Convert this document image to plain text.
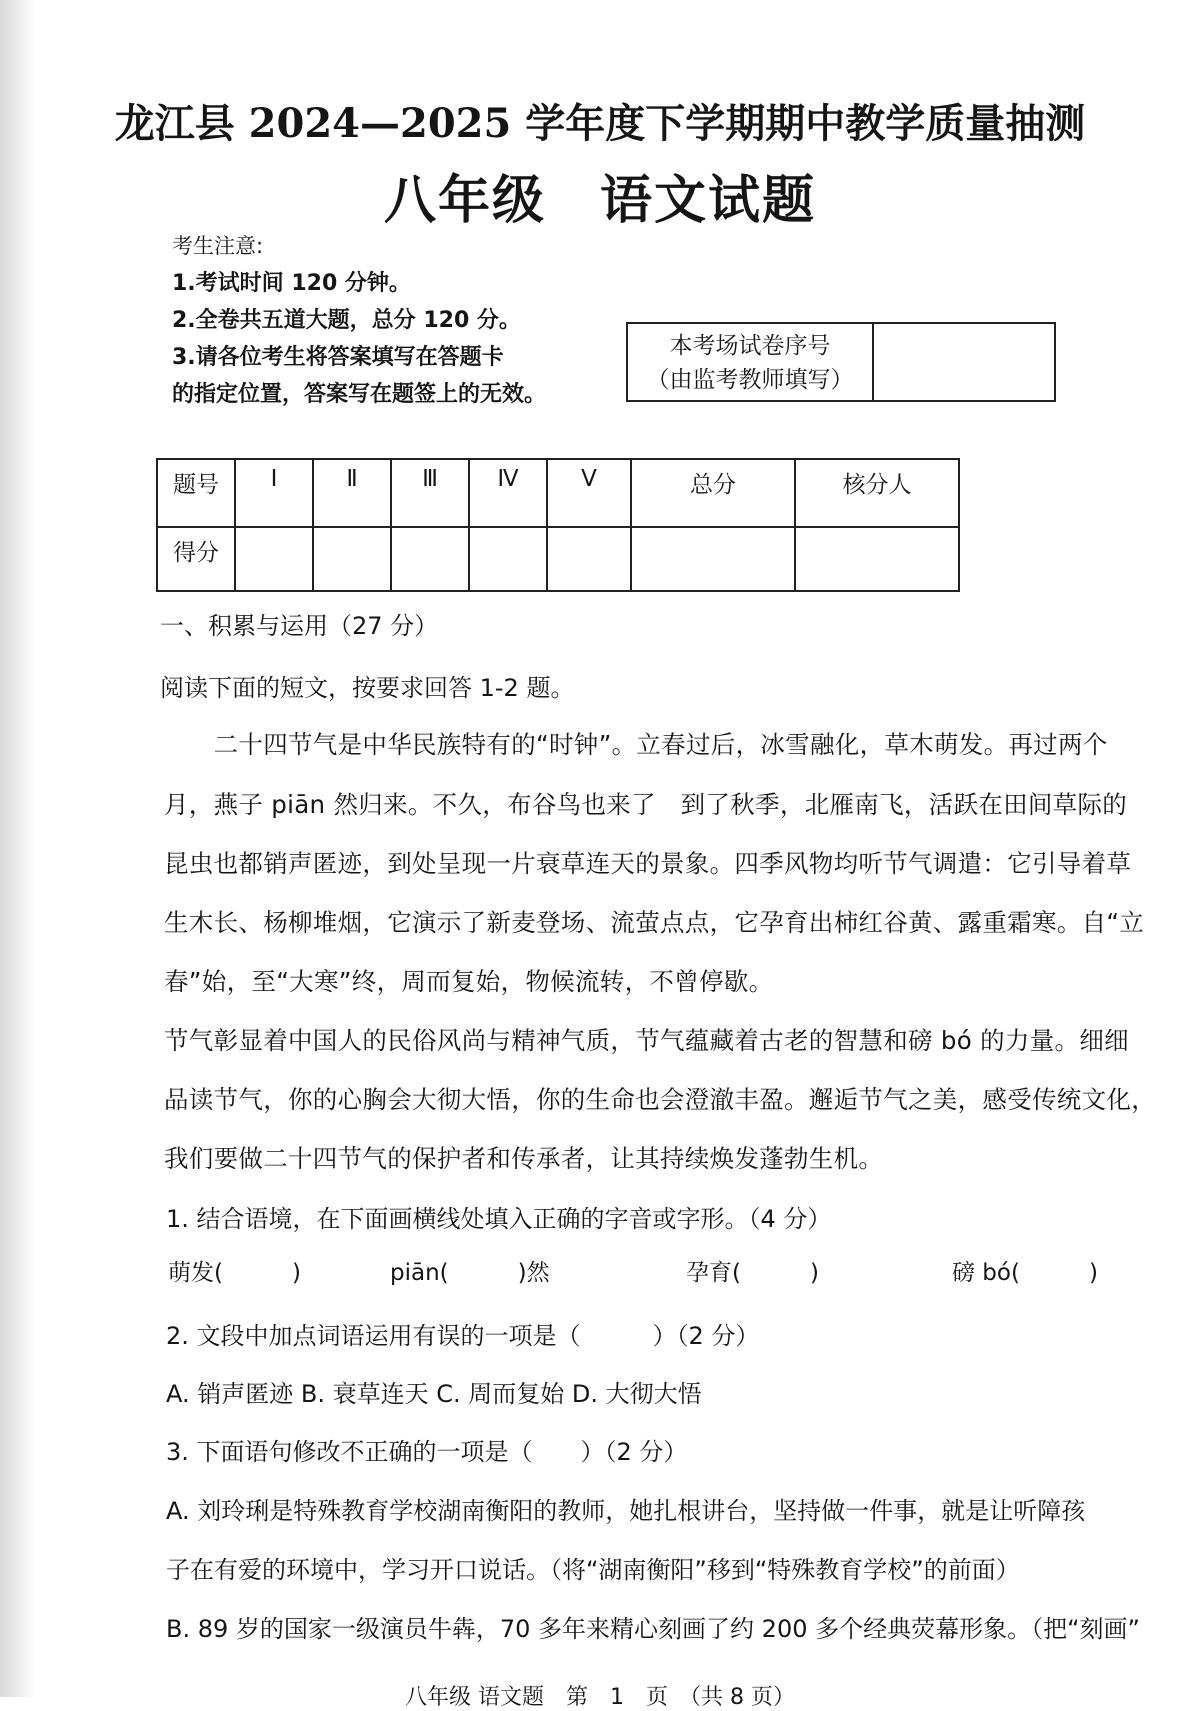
龙江县 2024—2025 学年度下学期期中教学质量抽测
八年级　语文试题
考生注意:
1.考试时间 120 分钟。
2.全卷共五道大题，总分 120 分。
3.请各位考生将答案填写在答题卡
的指定位置，答案写在题签上的无效。
本考场试卷序号
（由监考教师填写）
题号	Ⅰ	Ⅱ	Ⅲ	Ⅳ	Ⅴ	总分	核分人
得分							
一、积累与运用（27 分）
阅读下面的短文，按要求回答 1-2 题。
　　二十四节气是中华民族特有的“时钟”。立春过后，冰雪融化，草木萌发。再过两个
月，燕子 piān 然归来。不久，布谷鸟也来了　到了秋季，北雁南飞，活跃在田间草际的
昆虫也都销声匿迹，到处呈现一片衰草连天的景象。四季风物均听节气调遣：它引导着草
生木长、杨柳堆烟，它演示了新麦登场、流萤点点，它孕育出柿红谷黄、露重霜寒。自“立
春”始，至“大寒”终，周而复始，物候流转，不曾停歇。
节气彰显着中国人的民俗风尚与精神气质，节气蕴藏着古老的智慧和磅 bó 的力量。细细
品读节气，你的心胸会大彻大悟，你的生命也会澄澈丰盈。邂逅节气之美，感受传统文化，
我们要做二十四节气的保护者和传承者，让其持续焕发蓬勃生机。
1. 结合语境，在下面画横线处填入正确的字音或字形。（4 分）
萌发(　　　)	piān(　　　)然	孕育(　　　)	磅 bó(　　　)
2. 文段中加点词语运用有误的一项是（　　　）（2 分）
A. 销声匿迹 B. 衰草连天 C. 周而复始 D. 大彻大悟
3. 下面语句修改不正确的一项是（　　）（2 分）
A. 刘玲琍是特殊教育学校湖南衡阳的教师，她扎根讲台，坚持做一件事，就是让听障孩
子在有爱的环境中，学习开口说话。（将“湖南衡阳”移到“特殊教育学校”的前面）
B. 89 岁的国家一级演员牛犇，70 多年来精心刻画了约 200 多个经典荧幕形象。（把“刻画”
八年级 语文题　第　1　页　（共 8 页）
